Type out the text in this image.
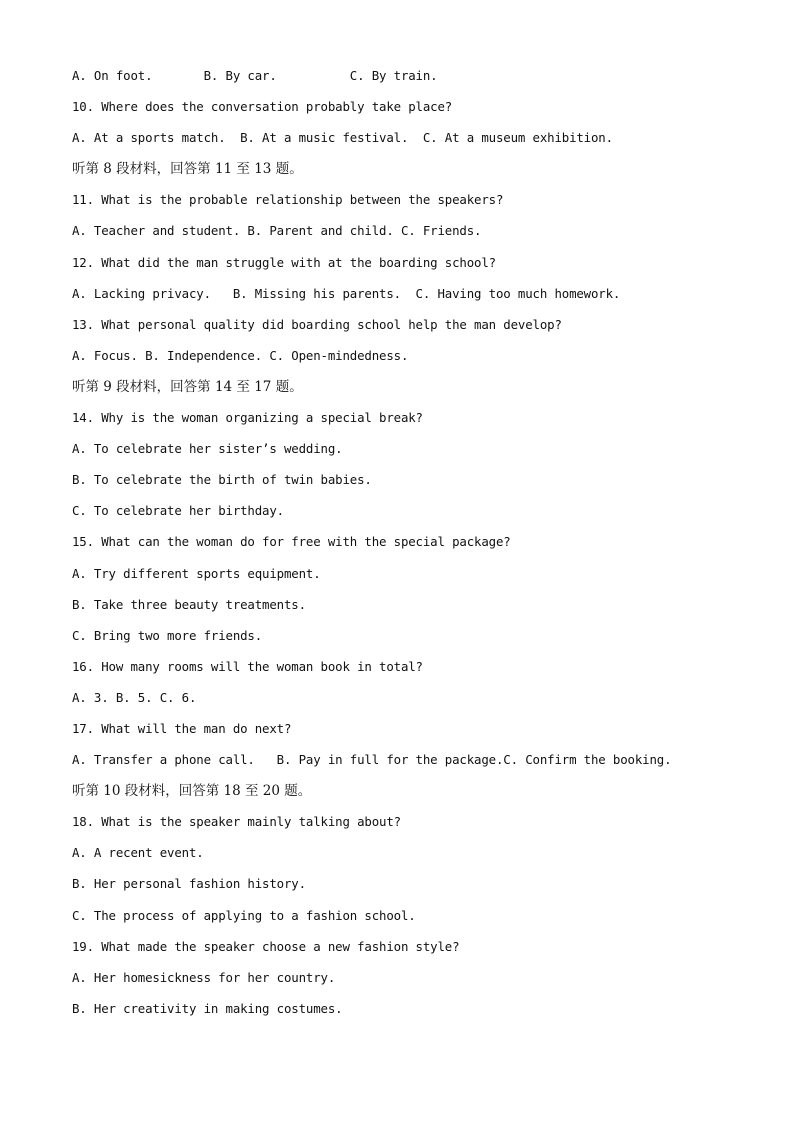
A. On foot.       B. By car.          C. By train.
10. Where does the conversation probably take place?
A. At a sports match.  B. At a music festival.  C. At a museum exhibition.
听第 8 段材料，回答第 11 至 13 题。
11. What is the probable relationship between the speakers?
A. Teacher and student. B. Parent and child. C. Friends.
12. What did the man struggle with at the boarding school?
A. Lacking privacy.   B. Missing his parents.  C. Having too much homework.
13. What personal quality did boarding school help the man develop?
A. Focus. B. Independence. C. Open-mindedness.
听第 9 段材料，回答第 14 至 17 题。
14. Why is the woman organizing a special break?
A. To celebrate her sister’s wedding.
B. To celebrate the birth of twin babies.
C. To celebrate her birthday.
15. What can the woman do for free with the special package?
A. Try different sports equipment.
B. Take three beauty treatments.
C. Bring two more friends.
16. How many rooms will the woman book in total?
A. 3. B. 5. C. 6.
17. What will the man do next?
A. Transfer a phone call.   B. Pay in full for the package.C. Confirm the booking.
听第 10 段材料，回答第 18 至 20 题。
18. What is the speaker mainly talking about?
A. A recent event.
B. Her personal fashion history.
C. The process of applying to a fashion school.
19. What made the speaker choose a new fashion style?
A. Her homesickness for her country.
B. Her creativity in making costumes.
